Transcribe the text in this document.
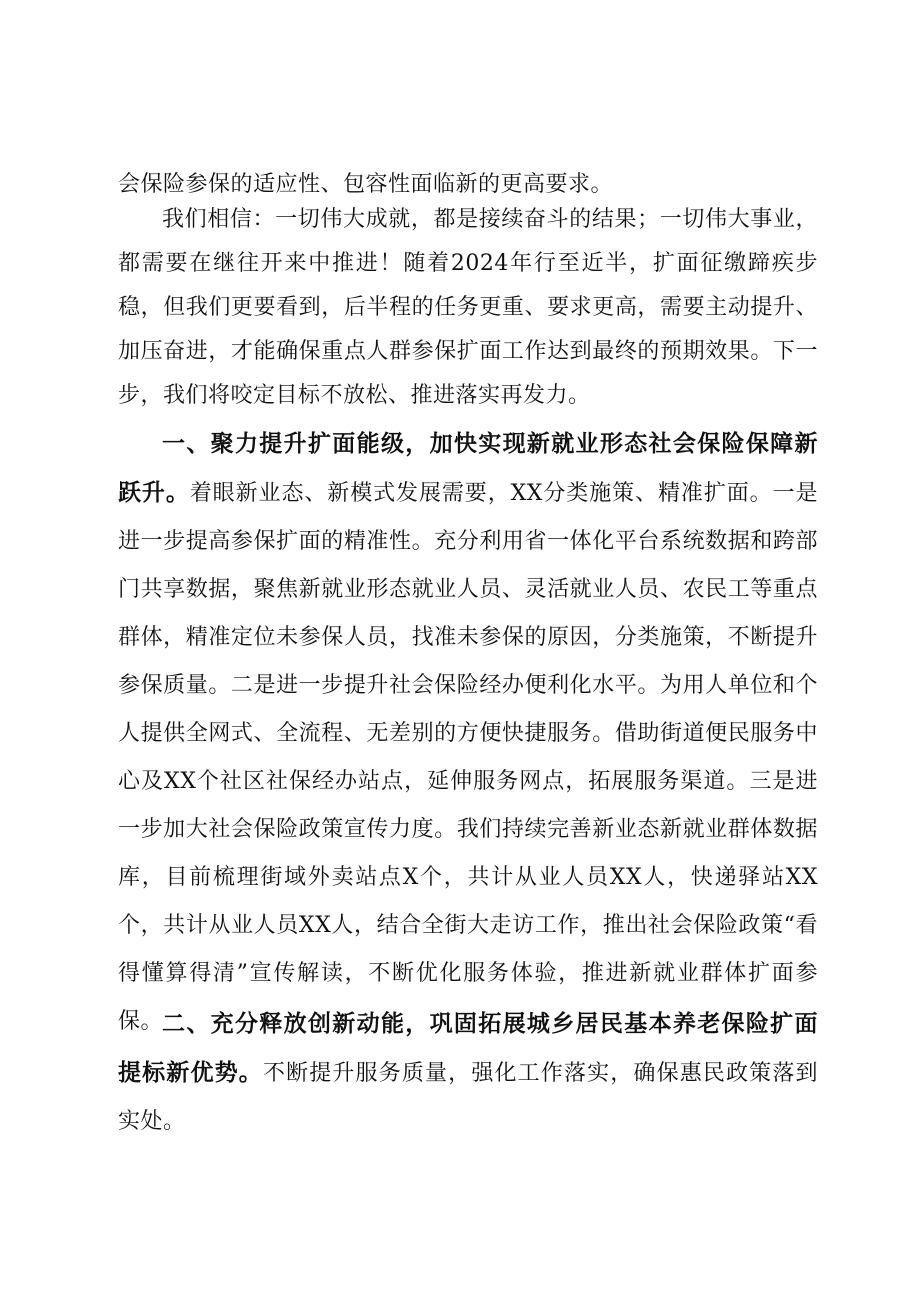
会保险参保的适应性、包容性面临新的更高要求。

我们相信：一切伟大成就，都是接续奋斗的结果；一切伟大事业，都需要在继往开来中推进！随着2024年行至近半，扩面征缴蹄疾步稳，但我们更要看到，后半程的任务更重、要求更高，需要主动提升、加压奋进，才能确保重点人群参保扩面工作达到最终的预期效果。下一步，我们将咬定目标不放松、推进落实再发力。

一、聚力提升扩面能级，加快实现新就业形态社会保险保障新跃升。着眼新业态、新模式发展需要，XX分类施策、精准扩面。一是进一步提高参保扩面的精准性。充分利用省一体化平台系统数据和跨部门共享数据，聚焦新就业形态就业人员、灵活就业人员、农民工等重点群体，精准定位未参保人员，找准未参保的原因，分类施策，不断提升参保质量。二是进一步提升社会保险经办便利化水平。为用人单位和个人提供全网式、全流程、无差别的方便快捷服务。借助街道便民服务中心及XX个社区社保经办站点，延伸服务网点，拓展服务渠道。三是进一步加大社会保险政策宣传力度。我们持续完善新业态新就业群体数据库，目前梳理街域外卖站点X个，共计从业人员XX人，快递驿站XX个，共计从业人员XX人，结合全街大走访工作，推出社会保险政策“看得懂算得清”宣传解读，不断优化服务体验，推进新就业群体扩面参保。

二、充分释放创新动能，巩固拓展城乡居民基本养老保险扩面提标新优势。不断提升服务质量，强化工作落实，确保惠民政策落到实处。
